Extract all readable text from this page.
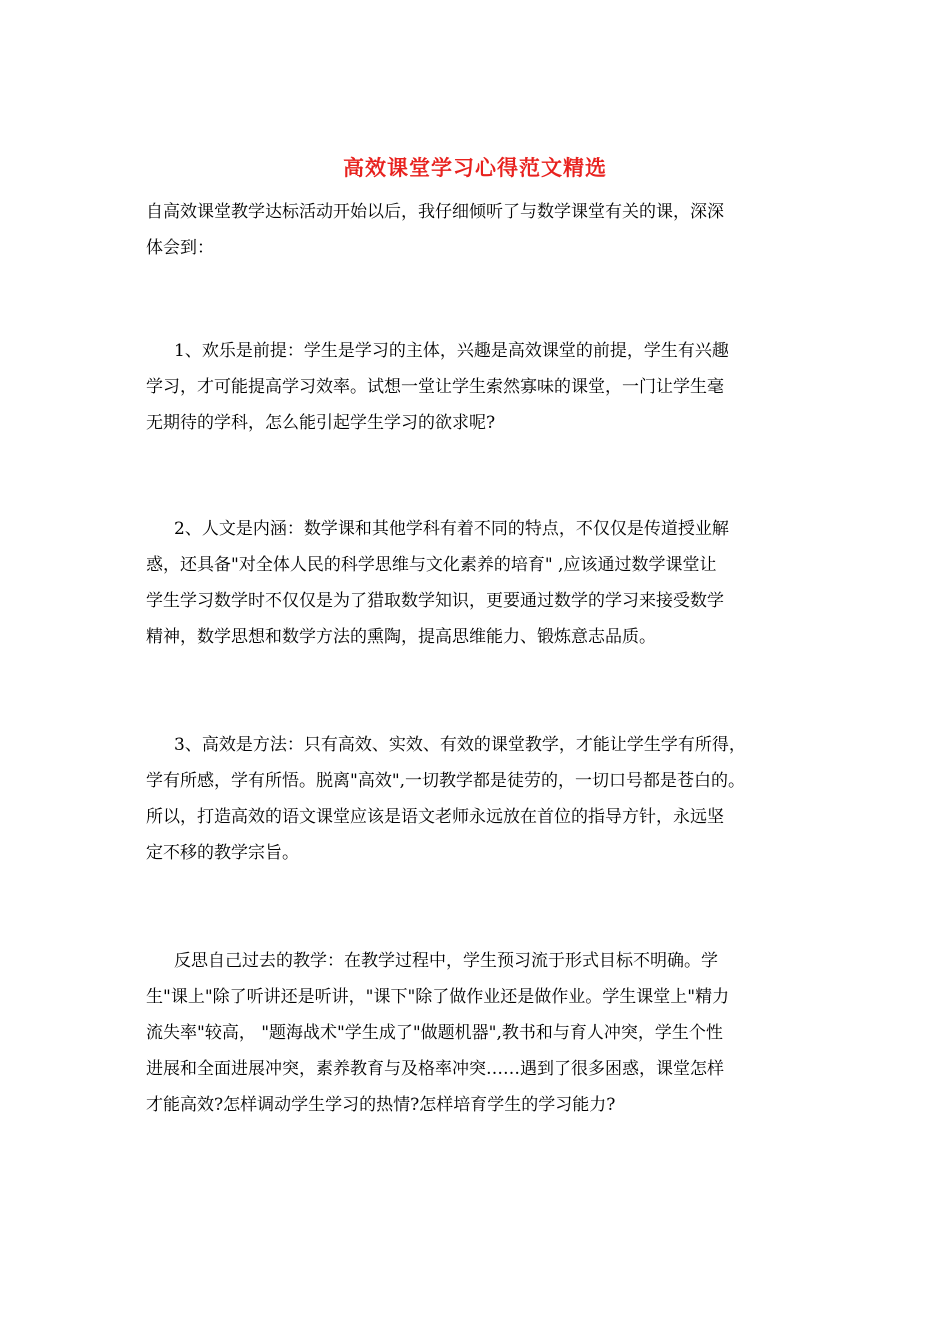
高效课堂学习心得范文精选
自高效课堂教学达标活动开始以后，我仔细倾听了与数学课堂有关的课，深深
体会到：
1、欢乐是前提：学生是学习的主体，兴趣是高效课堂的前提，学生有兴趣
学习，才可能提高学习效率。试想一堂让学生索然寡味的课堂，一门让学生毫
无期待的学科，怎么能引起学生学习的欲求呢?
2、人文是内涵：数学课和其他学科有着不同的特点，不仅仅是传道授业解
惑，还具备"对全体人民的科学思维与文化素养的培育" ,应该通过数学课堂让
学生学习数学时不仅仅是为了猎取数学知识，更要通过数学的学习来接受数学
精神，数学思想和数学方法的熏陶，提高思维能力、锻炼意志品质。
3、高效是方法：只有高效、实效、有效的课堂教学，才能让学生学有所得，
学有所感，学有所悟。脱离"高效",一切教学都是徒劳的，一切口号都是苍白的。
所以，打造高效的语文课堂应该是语文老师永远放在首位的指导方针，永远坚
定不移的教学宗旨。
反思自己过去的教学：在教学过程中，学生预习流于形式目标不明确。学
生"课上"除了听讲还是听讲，"课下"除了做作业还是做作业。学生课堂上"精力
流失率"较高， "题海战术"学生成了"做题机器",教书和与育人冲突，学生个性
进展和全面进展冲突，素养教育与及格率冲突……遇到了很多困惑，课堂怎样
才能高效?怎样调动学生学习的热情?怎样培育学生的学习能力?
